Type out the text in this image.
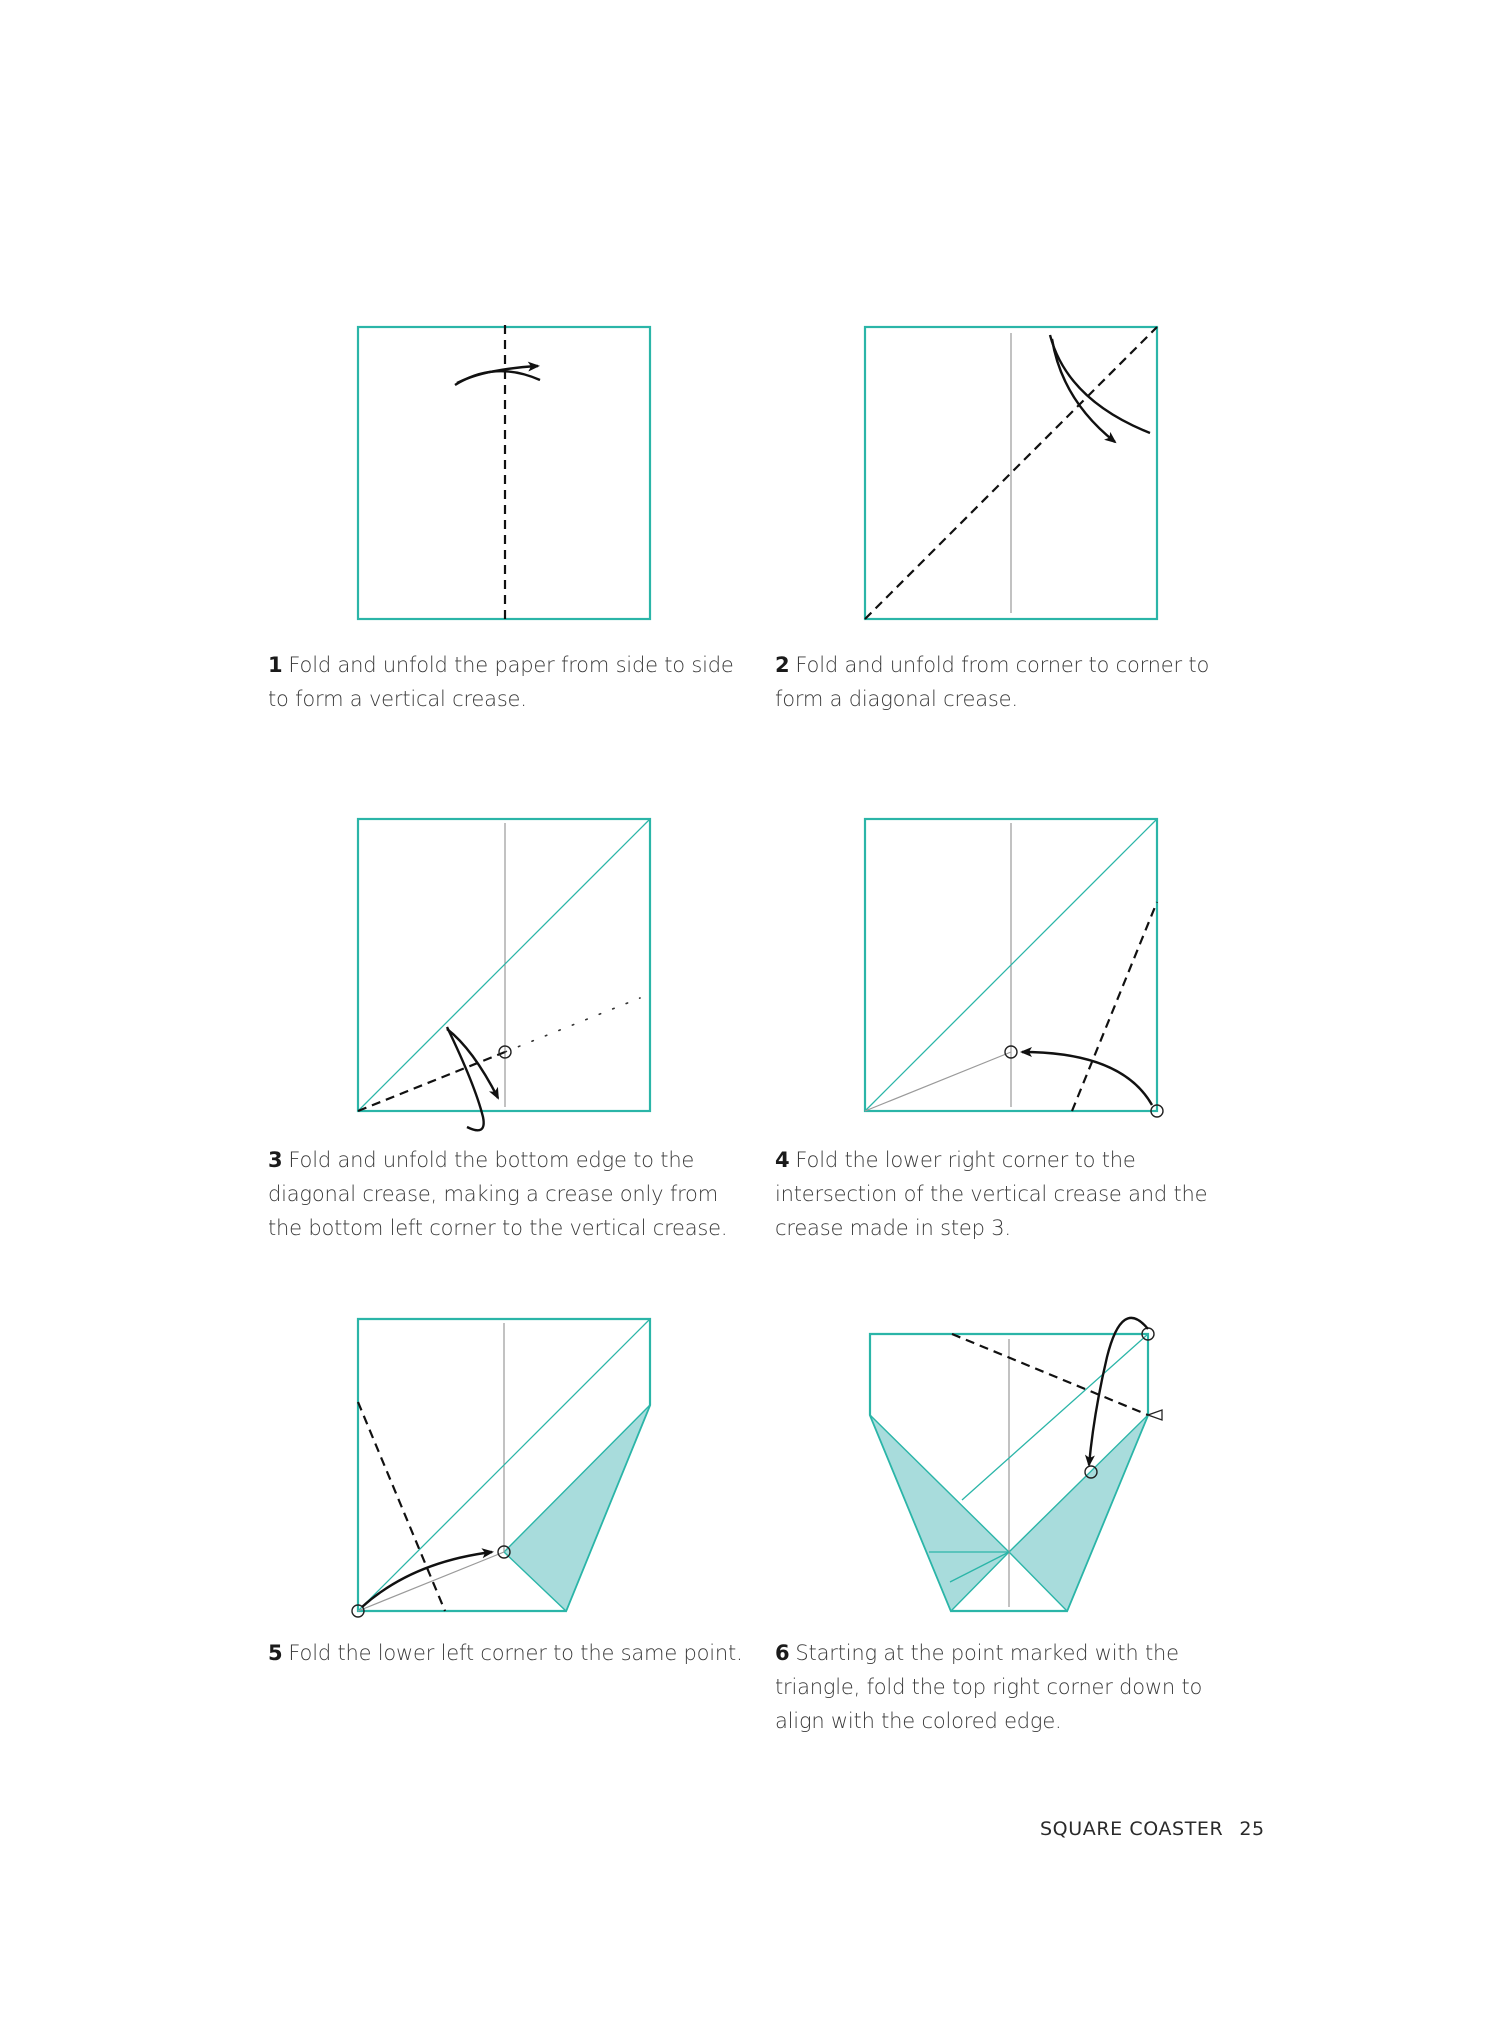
1 Fold and unfold the paper from side to side to form a vertical crease.
2 Fold and unfold from corner to corner to form a diagonal crease.
3 Fold and unfold the bottom edge to the diagonal crease, making a crease only from the bottom left corner to the vertical crease.
4 Fold the lower right corner to the intersection of the vertical crease and the crease made in step 3.
5 Fold the lower left corner to the same point. 6 Starting at the point marked with the triangle, fold the top right corner down to align with the colored edge.
SQUARE COASTER 25
